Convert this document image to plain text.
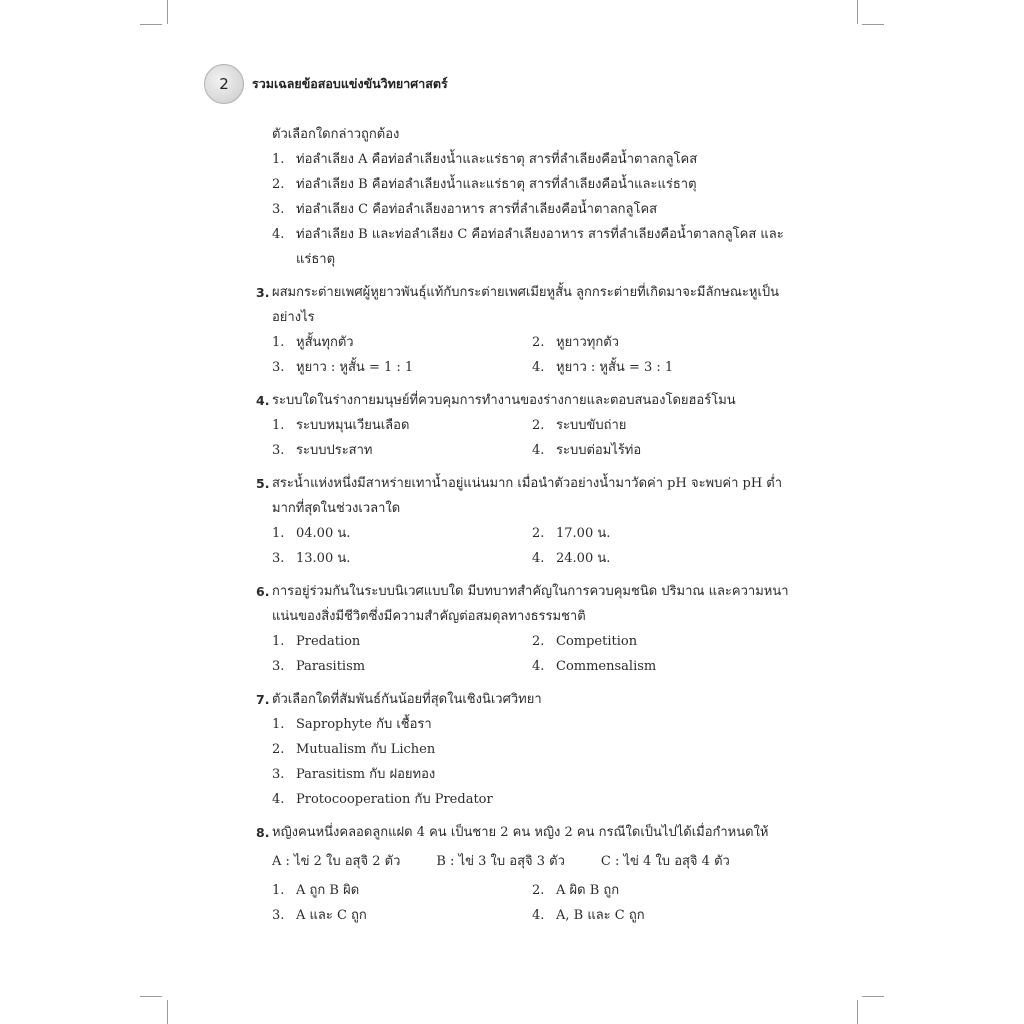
2 รวมเฉลยข้อสอบแข่งขันวิทยาศาสตร์
ตัวเลือกใดกล่าวถูกต้อง
1. ท่อลำเลียง A คือท่อลำเลียงน้ำและแร่ธาตุ สารที่ลำเลียงคือน้ำตาลกลูโคส
2. ท่อลำเลียง B คือท่อลำเลียงน้ำและแร่ธาตุ สารที่ลำเลียงคือน้ำและแร่ธาตุ
3. ท่อลำเลียง C คือท่อลำเลียงอาหาร สารที่ลำเลียงคือน้ำตาลกลูโคส
4. ท่อลำเลียง B และท่อลำเลียง C คือท่อลำเลียงอาหาร สารที่ลำเลียงคือน้ำตาลกลูโคส และแร่ธาตุ
3. ผสมกระต่ายเพศผู้หูยาวพันธุ์แท้กับกระต่ายเพศเมียหูสั้น ลูกกระต่ายที่เกิดมาจะมีลักษณะหูเป็นอย่างไร
1. หูสั้นทุกตัว	2. หูยาวทุกตัว
3. หูยาว : หูสั้น = 1 : 1	4. หูยาว : หูสั้น = 3 : 1
4. ระบบใดในร่างกายมนุษย์ที่ควบคุมการทำงานของร่างกายและตอบสนองโดยฮอร์โมน
1. ระบบหมุนเวียนเลือด	2. ระบบขับถ่าย
3. ระบบประสาท	4. ระบบต่อมไร้ท่อ
5. สระน้ำแห่งหนึ่งมีสาหร่ายเทาน้ำอยู่แน่นมาก เมื่อนำตัวอย่างน้ำมาวัดค่า pH จะพบค่า pH ต่ำมากที่สุดในช่วงเวลาใด
1. 04.00 น.	2. 17.00 น.
3. 13.00 น.	4. 24.00 น.
6. การอยู่ร่วมกันในระบบนิเวศแบบใด มีบทบาทสำคัญในการควบคุมชนิด ปริมาณ และความหนาแน่นของสิ่งมีชีวิตซึ่งมีความสำคัญต่อสมดุลทางธรรมชาติ
1. Predation	2. Competition
3. Parasitism	4. Commensalism
7. ตัวเลือกใดที่สัมพันธ์กันน้อยที่สุดในเชิงนิเวศวิทยา
1. Saprophyte กับ เชื้อรา
2. Mutualism กับ Lichen
3. Parasitism กับ ฝอยทอง
4. Protocooperation กับ Predator
8. หญิงคนหนึ่งคลอดลูกแฝด 4 คน เป็นชาย 2 คน หญิง 2 คน กรณีใดเป็นไปได้เมื่อกำหนดให้
A : ไข่ 2 ใบ อสุจิ 2 ตัว	B : ไข่ 3 ใบ อสุจิ 3 ตัว	C : ไข่ 4 ใบ อสุจิ 4 ตัว
1. A ถูก B ผิด	2. A ผิด B ถูก
3. A และ C ถูก	4. A, B และ C ถูก
